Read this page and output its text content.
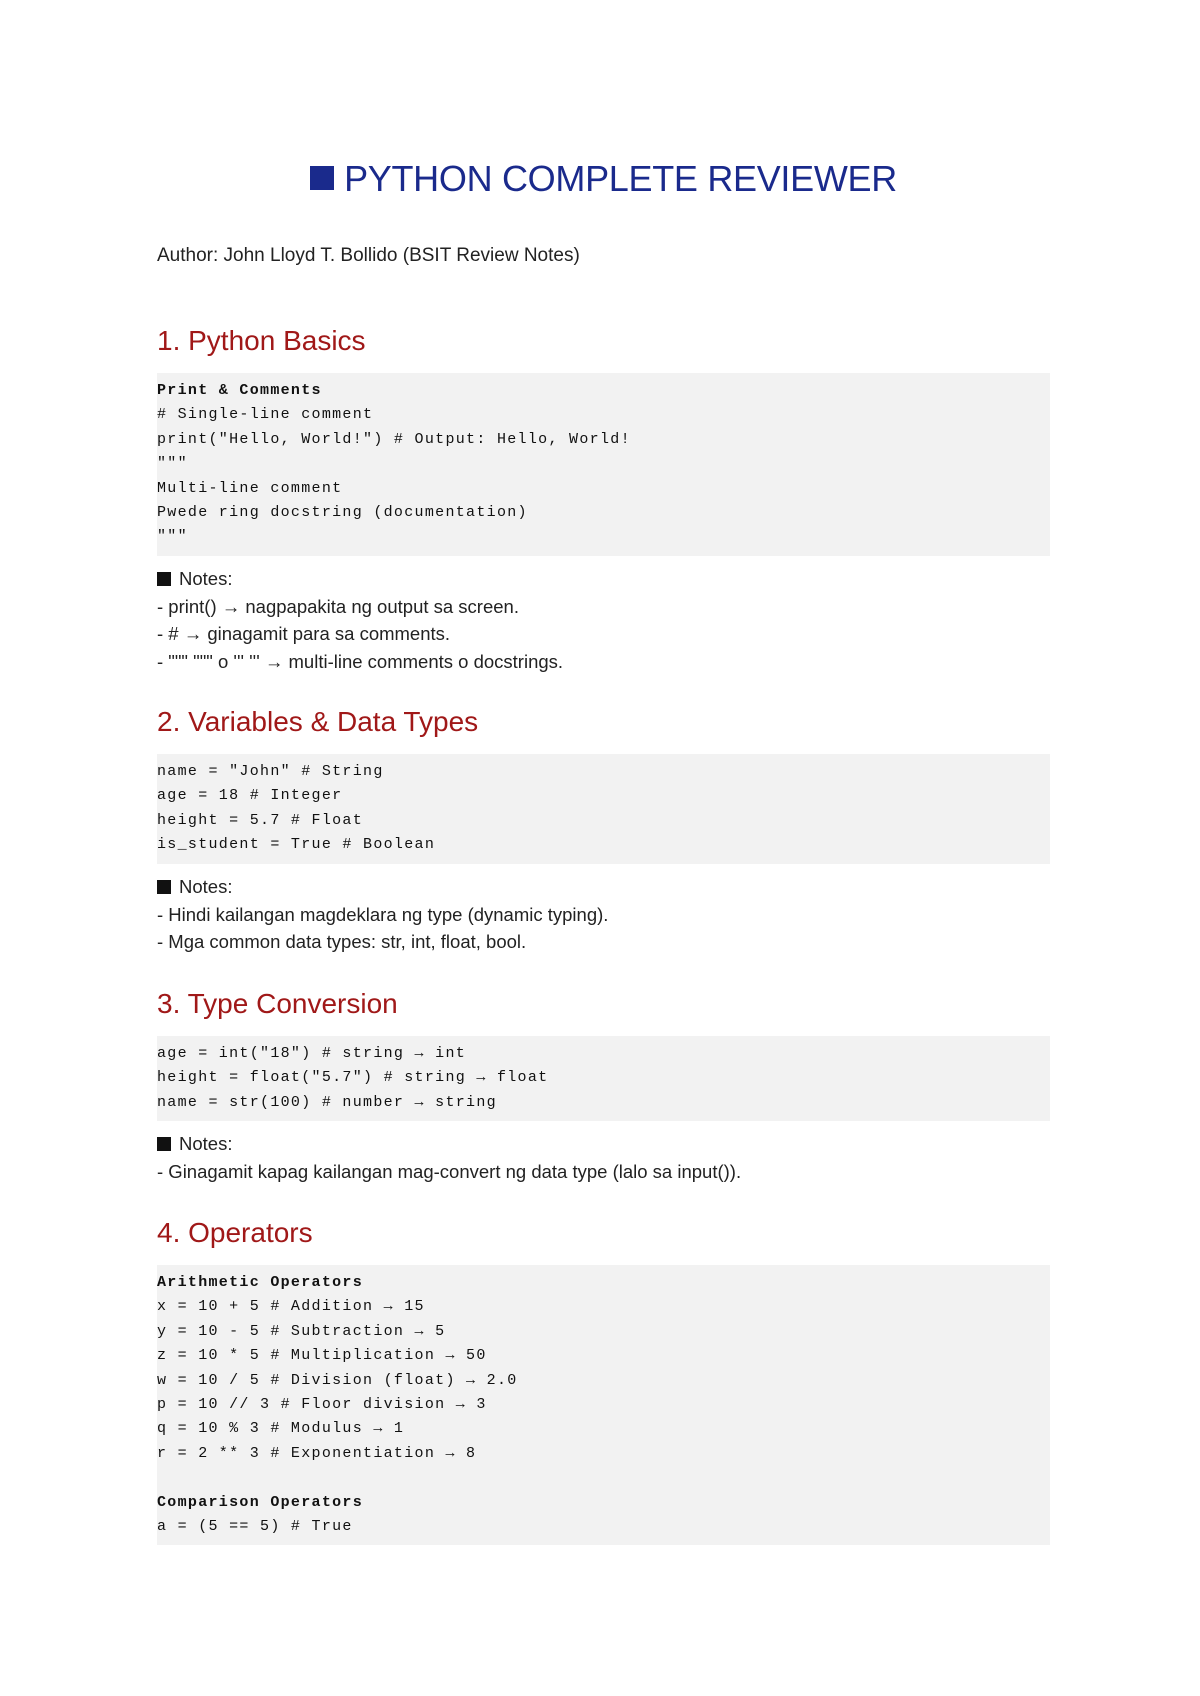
PYTHON COMPLETE REVIEWER
Author: John Lloyd T. Bollido (BSIT Review Notes)
1. Python Basics
Print & Comments
# Single-line comment
print("Hello, World!") # Output: Hello, World!
"""
Multi-line comment
Pwede ring docstring (documentation)
"""
Notes:
- print() → nagpapakita ng output sa screen.
- # → ginagamit para sa comments.
- """ """ o ''' ''' → multi-line comments o docstrings.
2. Variables & Data Types
name = "John" # String
age = 18 # Integer
height = 5.7 # Float
is_student = True # Boolean
Notes:
- Hindi kailangan magdeklara ng type (dynamic typing).
- Mga common data types: str, int, float, bool.
3. Type Conversion
age = int("18") # string → int
height = float("5.7") # string → float
name = str(100) # number → string
Notes:
- Ginagamit kapag kailangan mag-convert ng data type (lalo sa input()).
4. Operators
Arithmetic Operators
x = 10 + 5 # Addition → 15
y = 10 - 5 # Subtraction → 5
z = 10 * 5 # Multiplication → 50
w = 10 / 5 # Division (float) → 2.0
p = 10 // 3 # Floor division → 3
q = 10 % 3 # Modulus → 1
r = 2 ** 3 # Exponentiation → 8
Comparison Operators
a = (5 == 5) # True
